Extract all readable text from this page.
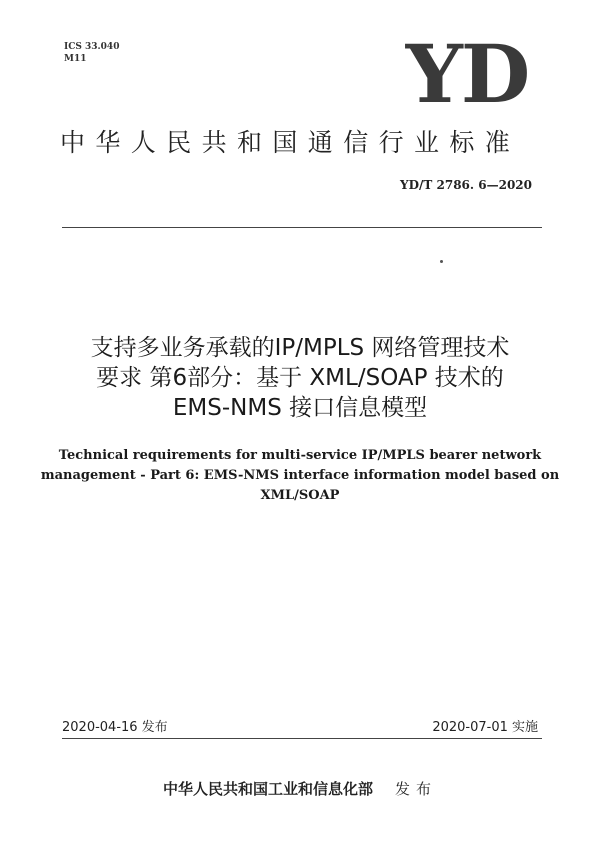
ICS 33.040
M11	YD
中华人民共和国通信行业标准
YD/T 2786. 6—2020
支持多业务承载的IP/MPLS 网络管理技术
要求 第6部分：基于 XML/SOAP 技术的
EMS-NMS 接口信息模型
Technical requirements for multi-service IP/MPLS bearer network
management - Part 6: EMS-NMS interface information model based on
XML/SOAP
2020-04-16 发布	2020-07-01 实施
中华人民共和国工业和信息化部 发布
